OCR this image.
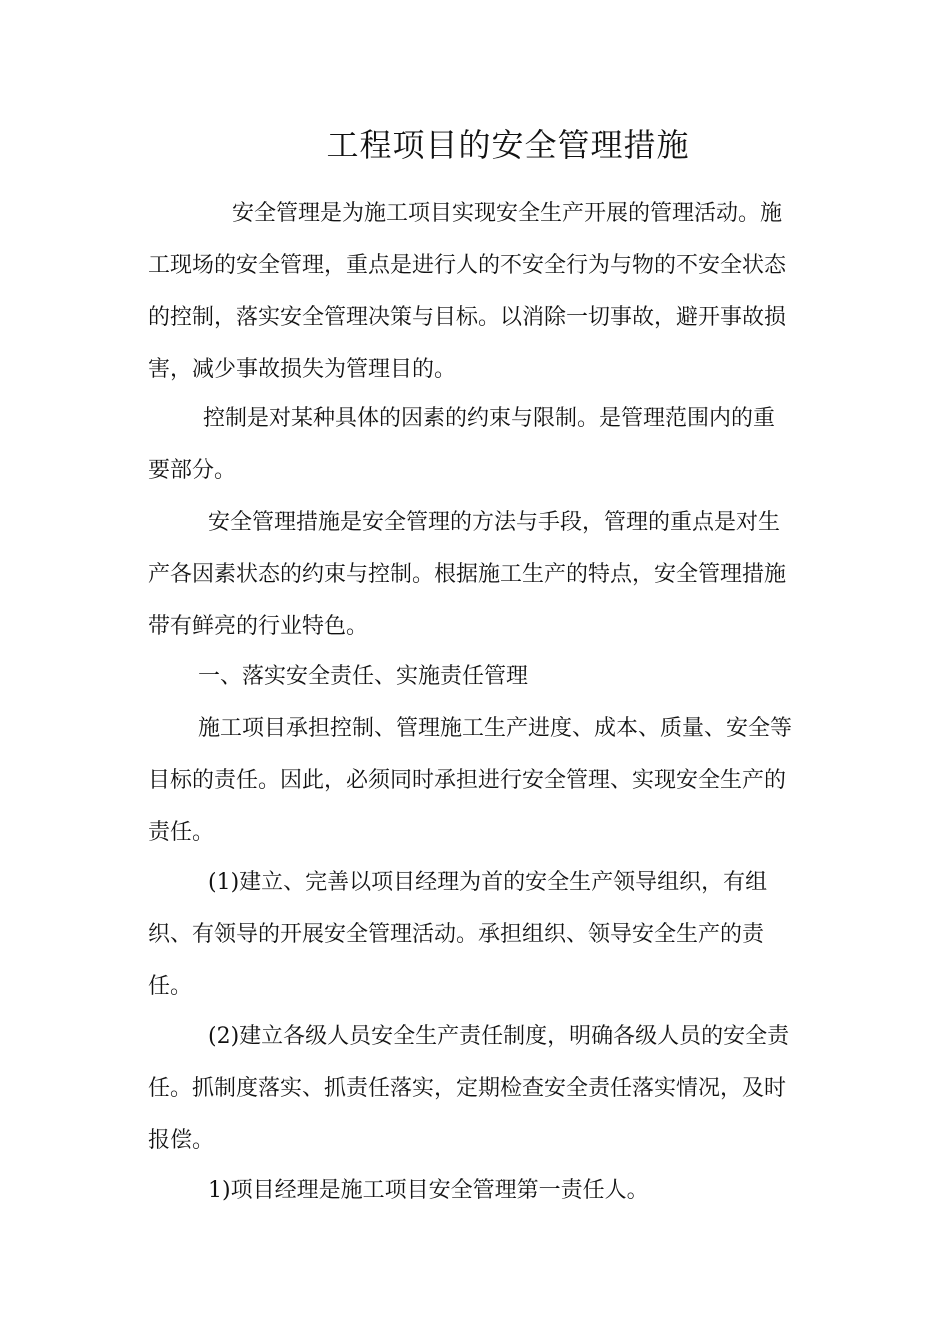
工程项目的安全管理措施
安全管理是为施工项目实现安全生产开展的管理活动。施
工现场的安全管理，重点是进行人的不安全行为与物的不安全状态
的控制，落实安全管理决策与目标。以消除一切事故，避开事故损
害，减少事故损失为管理目的。
控制是对某种具体的因素的约束与限制。是管理范围内的重
要部分。
安全管理措施是安全管理的方法与手段，管理的重点是对生
产各因素状态的约束与控制。根据施工生产的特点，安全管理措施
带有鲜亮的行业特色。
一、落实安全责任、实施责任管理
施工项目承担控制、管理施工生产进度、成本、质量、安全等
目标的责任。因此，必须同时承担进行安全管理、实现安全生产的
责任。
(1)建立、完善以项目经理为首的安全生产领导组织，有组
织、有领导的开展安全管理活动。承担组织、领导安全生产的责
任。
(2)建立各级人员安全生产责任制度，明确各级人员的安全责
任。抓制度落实、抓责任落实，定期检查安全责任落实情况，及时
报偿。
1)项目经理是施工项目安全管理第一责任人。
